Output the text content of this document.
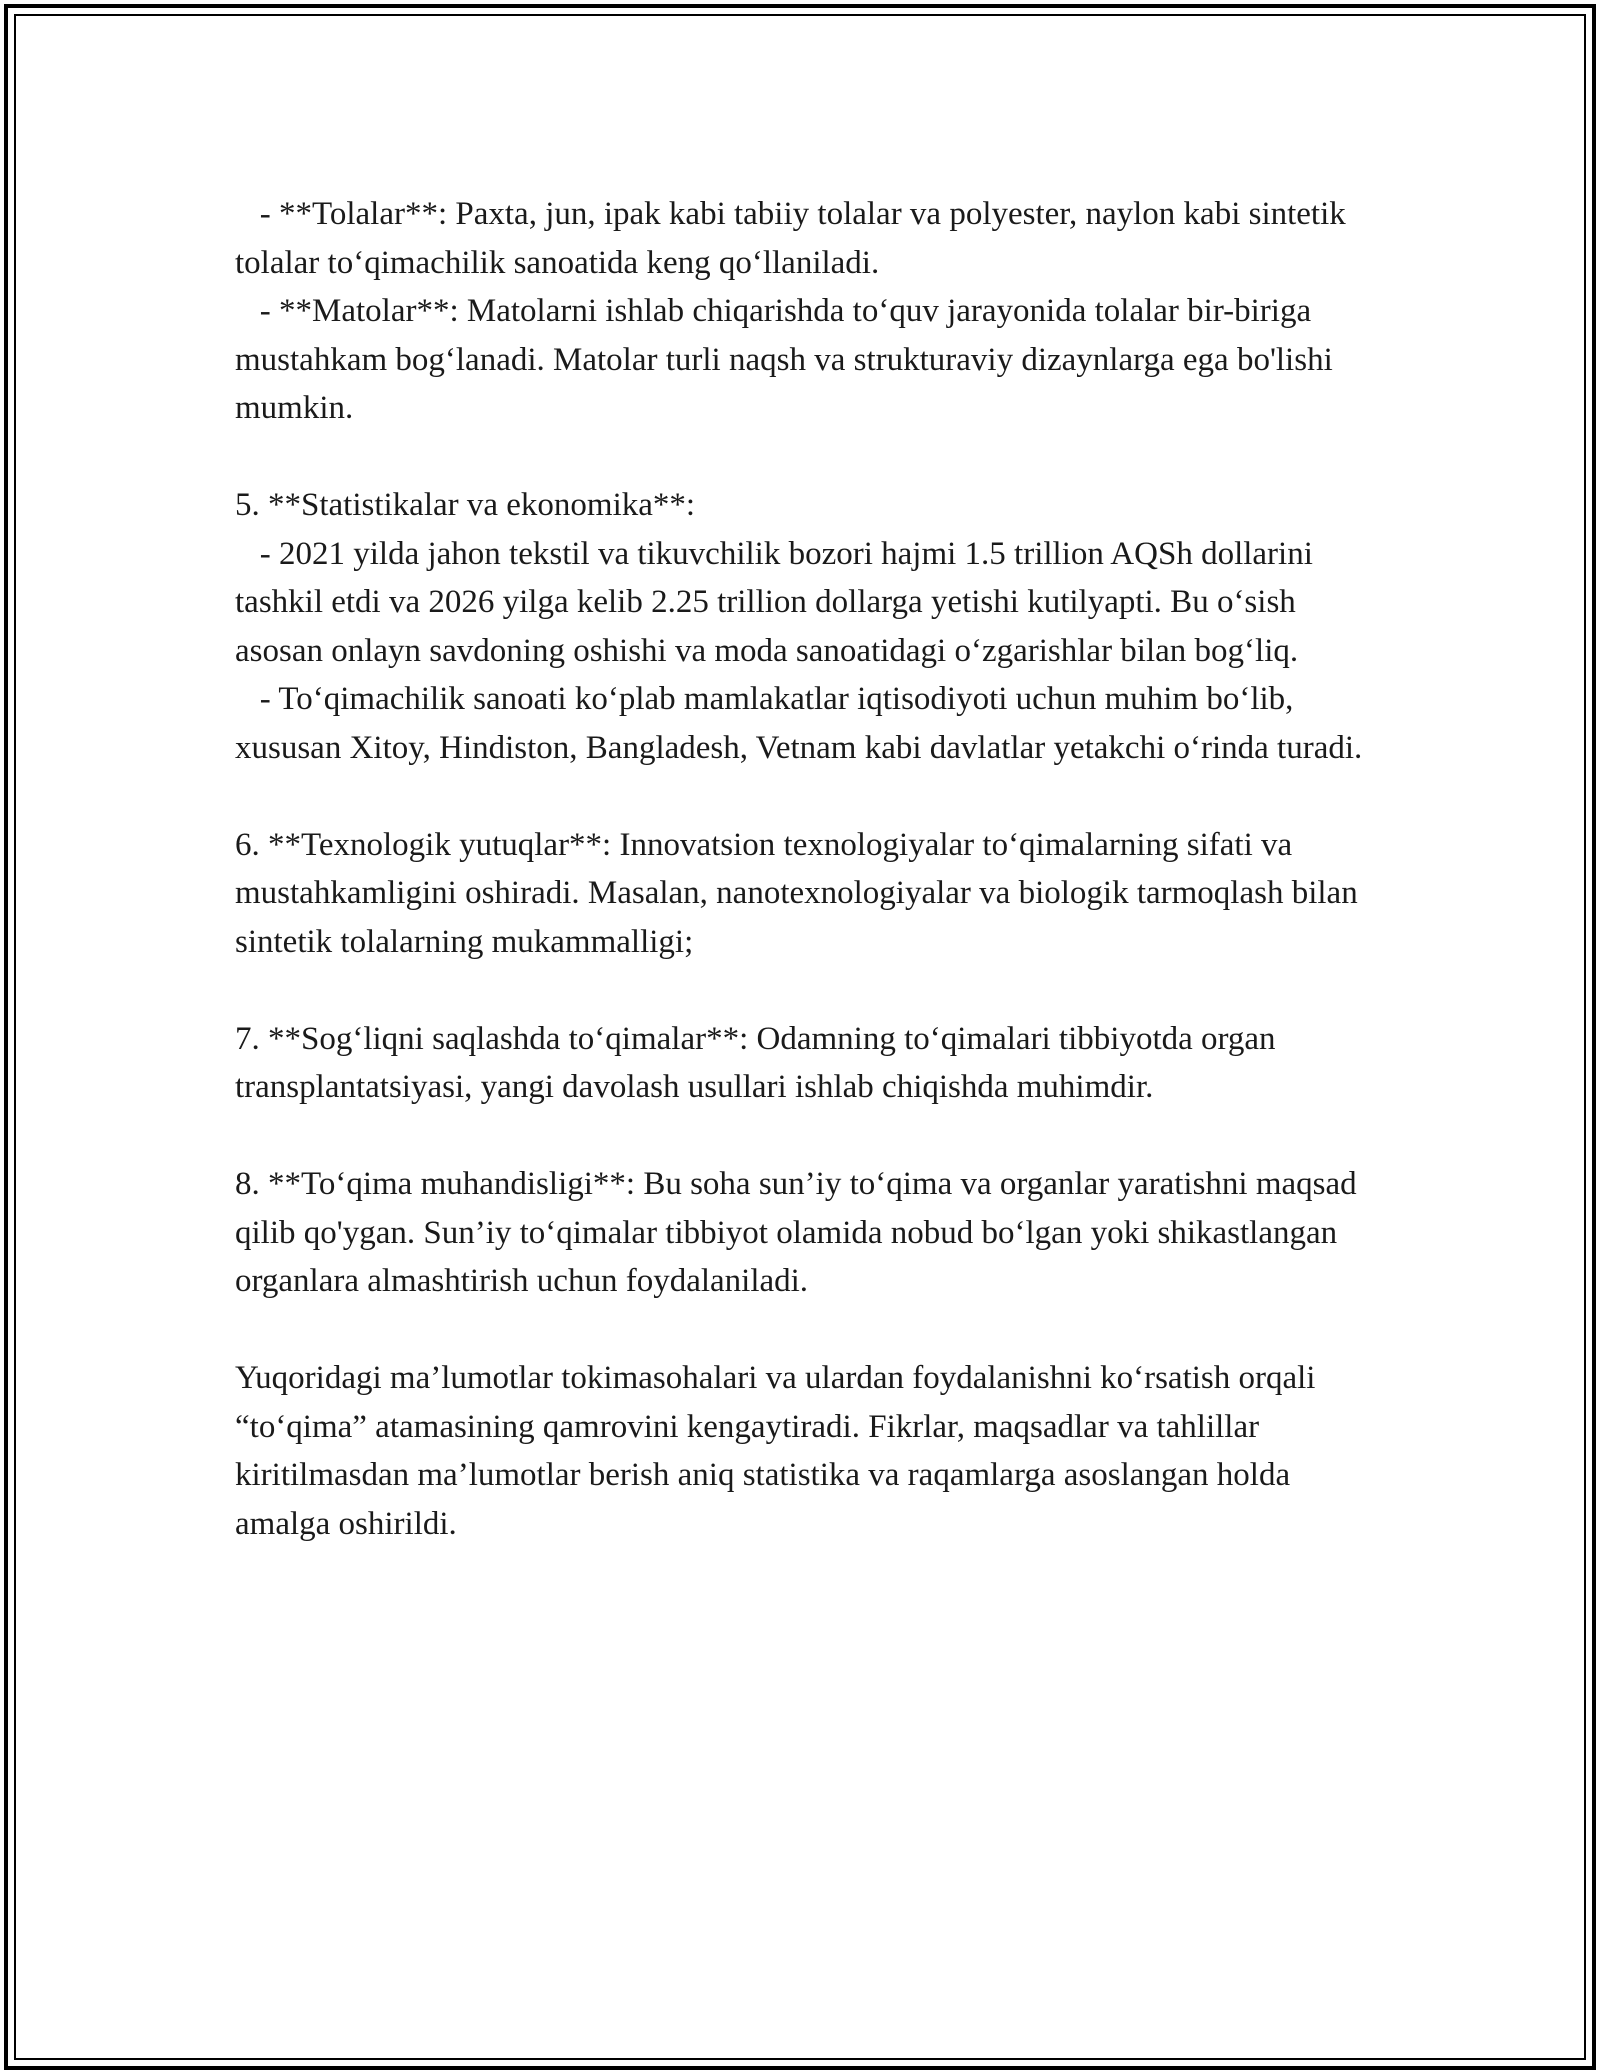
- **Tolalar**: Paxta, jun, ipak kabi tabiiy tolalar va polyester, naylon kabi sintetik tolalar to‘qimachilik sanoatida keng qo‘llaniladi.

- **Matolar**: Matolarni ishlab chiqarishda to‘quv jarayonida tolalar bir-biriga mustahkam bog‘lanadi. Matolar turli naqsh va strukturaviy dizaynlarga ega bo'lishi mumkin.

5. **Statistikalar va ekonomika**:

- 2021 yilda jahon tekstil va tikuvchilik bozori hajmi 1.5 trillion AQSh dollarini tashkil etdi va 2026 yilga kelib 2.25 trillion dollarga yetishi kutilyapti. Bu o‘sish asosan onlayn savdoning oshishi va moda sanoatidagi o‘zgarishlar bilan bog‘liq.

- To‘qimachilik sanoati ko‘plab mamlakatlar iqtisodiyoti uchun muhim bo‘lib, xususan Xitoy, Hindiston, Bangladesh, Vetnam kabi davlatlar yetakchi o‘rinda turadi.

6. **Texnologik yutuqlar**: Innovatsion texnologiyalar to‘qimalarning sifati va mustahkamligini oshiradi. Masalan, nanotexnologiyalar va biologik tarmoqlash bilan sintetik tolalarning mukammalligi;

7. **Sog‘liqni saqlashda to‘qimalar**: Odamning to‘qimalari tibbiyotda organ transplantatsiyasi, yangi davolash usullari ishlab chiqishda muhimdir.

8. **To‘qima muhandisligi**: Bu soha sun’iy to‘qima va organlar yaratishni maqsad qilib qo'ygan. Sun’iy to‘qimalar tibbiyot olamida nobud bo‘lgan yoki shikastlangan organlara almashtirish uchun foydalaniladi.

Yuqoridagi ma’lumotlar tokimasohalari va ulardan foydalanishni ko‘rsatish orqali “to‘qima” atamasining qamrovini kengaytiradi. Fikrlar, maqsadlar va tahlillar kiritilmasdan ma’lumotlar berish aniq statistika va raqamlarga asoslangan holda amalga oshirildi.
